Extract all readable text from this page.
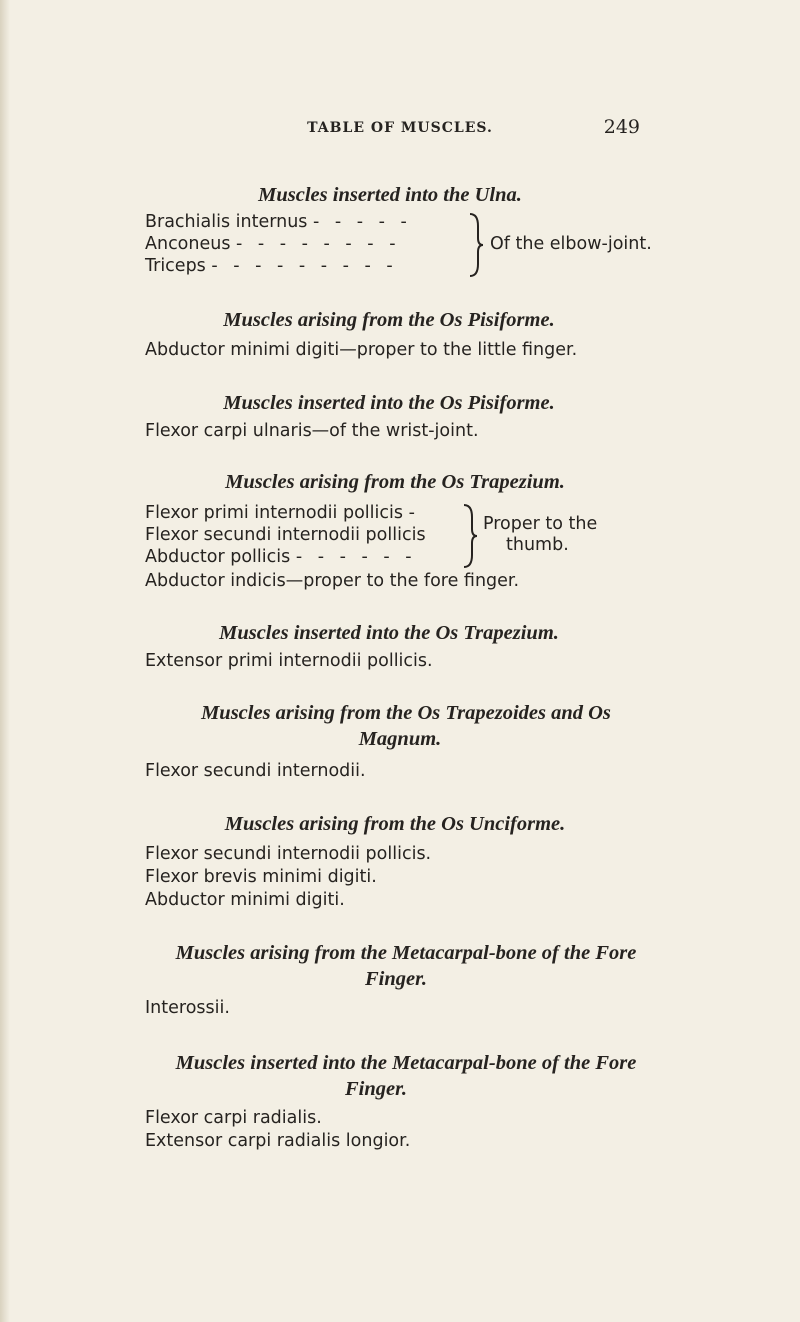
TABLE OF MUSCLES.	249

Muscles inserted into the Ulna.

Brachialis internus - - - - -
Anconeus - - - - - - - -
Triceps - - - - - - - - -
Of the elbow-joint.

Muscles arising from the Os Pisiforme.

Abductor minimi digiti—proper to the little finger.

Muscles inserted into the Os Pisiforme.

Flexor carpi ulnaris—of the wrist-joint.

Muscles arising from the Os Trapezium.

Flexor primi internodii pollicis -
Flexor secundi internodii pollicis
Abductor pollicis - - - - - -
Proper to the
thumb.
Abductor indicis—proper to the fore finger.

Muscles inserted into the Os Trapezium.

Extensor primi internodii pollicis.

Muscles arising from the Os Trapezoides and Os

Magnum.

Flexor secundi internodii.

Muscles arising from the Os Unciforme.

Flexor secundi internodii pollicis.
Flexor brevis minimi digiti.
Abductor minimi digiti.

Muscles arising from the Metacarpal-bone of the Fore

Finger.

Interossii.

Muscles inserted into the Metacarpal-bone of the Fore

Finger.

Flexor carpi radialis.
Extensor carpi radialis longior.
